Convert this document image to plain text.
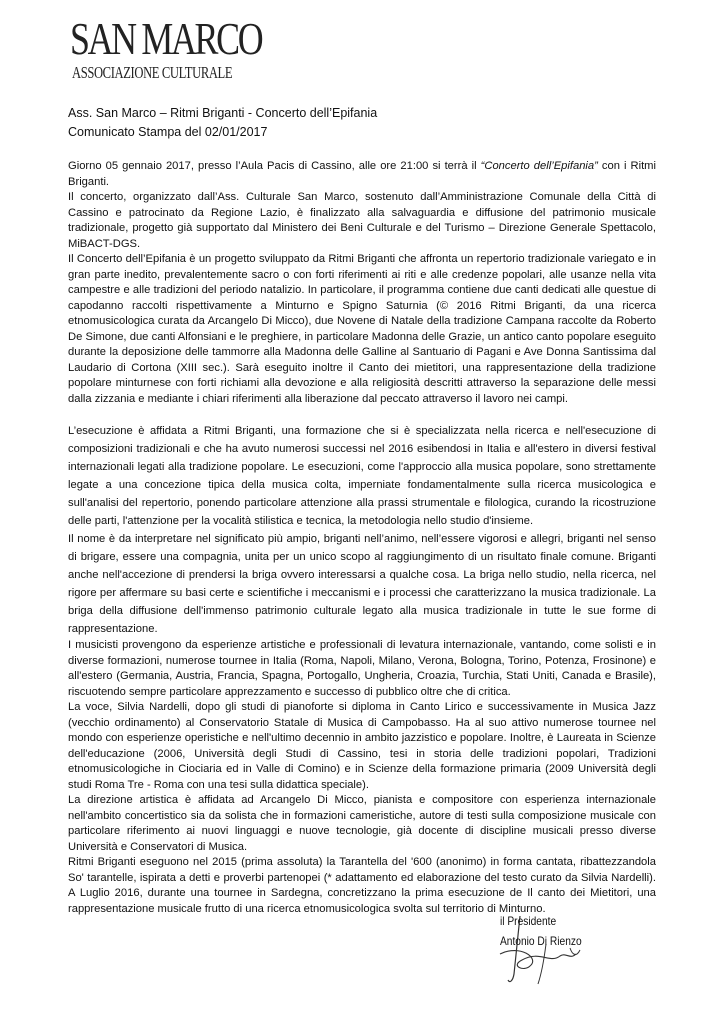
SAN MARCO
ASSOCIAZIONE CULTURALE
Ass. San Marco – Ritmi Briganti - Concerto dell’Epifania
Comunicato Stampa del 02/01/2017

Giorno 05 gennaio 2017, presso l’Aula Pacis di Cassino, alle ore 21:00 si terrà il “Concerto dell’Epifania” con i Ritmi Briganti.

Il concerto, organizzato dall’Ass. Culturale San Marco, sostenuto dall’Amministrazione Comunale della Città di Cassino e patrocinato da Regione Lazio, è finalizzato alla salvaguardia e diffusione del patrimonio musicale tradizionale, progetto già supportato dal Ministero dei Beni Culturale e del Turismo – Direzione Generale Spettacolo, MiBACT-DGS.

Il Concerto dell’Epifania è un progetto sviluppato da Ritmi Briganti che affronta un repertorio tradizionale variegato e in gran parte inedito, prevalentemente sacro o con forti riferimenti ai riti e alle credenze popolari, alle usanze nella vita campestre e alle tradizioni del periodo natalizio. In particolare, il programma contiene due canti dedicati alle questue di capodanno raccolti rispettivamente a Minturno e Spigno Saturnia (© 2016 Ritmi Briganti, da una ricerca etnomusicologica curata da Arcangelo Di Micco), due Novene di Natale della tradizione Campana raccolte da Roberto De Simone, due canti Alfonsiani e le preghiere, in particolare Madonna delle Grazie, un antico canto popolare eseguito durante la deposizione delle tammorre alla Madonna delle Galline al Santuario di Pagani e Ave Donna Santissima dal Laudario di Cortona (XIII sec.). Sarà eseguito inoltre il Canto dei mietitori, una rappresentazione della tradizione popolare minturnese con forti richiami alla devozione e alla religiosità descritti attraverso la separazione delle messi dalla zizzania e mediante i chiari riferimenti alla liberazione dal peccato attraverso il lavoro nei campi.

L’esecuzione è affidata a Ritmi Briganti, una formazione che si è specializzata nella ricerca e nell'esecuzione di composizioni tradizionali e che ha avuto numerosi successi nel 2016 esibendosi in Italia e all'estero in diversi festival internazionali legati alla tradizione popolare. Le esecuzioni, come l'approccio alla musica popolare, sono strettamente legate a una concezione tipica della musica colta, imperniate fondamentalmente sulla ricerca musicologica e sull'analisi del repertorio, ponendo particolare attenzione alla prassi strumentale e filologica, curando la ricostruzione delle parti, l'attenzione per la vocalità stilistica e tecnica, la metodologia nello studio d'insieme.

Il nome è da interpretare nel significato più ampio, briganti nell’animo, nell’essere vigorosi e allegri, briganti nel senso di brigare, essere una compagnia, unita per un unico scopo al raggiungimento di un risultato finale comune. Briganti anche nell'accezione di prendersi la briga ovvero interessarsi a qualche cosa. La briga nello studio, nella ricerca, nel rigore per affermare su basi certe e scientifiche i meccanismi e i processi che caratterizzano la musica tradizionale. La briga della diffusione dell'immenso patrimonio culturale legato alla musica tradizionale in tutte le sue forme di rappresentazione.

I musicisti provengono da esperienze artistiche e professionali di levatura internazionale, vantando, come solisti e in diverse formazioni, numerose tournee in Italia (Roma, Napoli, Milano, Verona, Bologna, Torino, Potenza, Frosinone) e all'estero (Germania, Austria, Francia, Spagna, Portogallo, Ungheria, Croazia, Turchia, Stati Uniti, Canada e Brasile), riscuotendo sempre particolare apprezzamento e successo di pubblico oltre che di critica.

La voce, Silvia Nardelli, dopo gli studi di pianoforte si diploma in Canto Lirico e successivamente in Musica Jazz (vecchio ordinamento) al Conservatorio Statale di Musica di Campobasso. Ha al suo attivo numerose tournee nel mondo con esperienze operistiche e nell'ultimo decennio in ambito jazzistico e popolare. Inoltre, è Laureata in Scienze dell'educazione (2006, Università degli Studi di Cassino, tesi in storia delle tradizioni popolari, Tradizioni etnomusicologiche in Ciociaria ed in Valle di Comino) e in Scienze della formazione primaria (2009 Università degli studi Roma Tre - Roma con una tesi sulla didattica speciale).

La direzione artistica è affidata ad Arcangelo Di Micco, pianista e compositore con esperienza internazionale nell'ambito concertistico sia da solista che in formazioni cameristiche, autore di testi sulla composizione musicale con particolare riferimento ai nuovi linguaggi e nuove tecnologie, già docente di discipline musicali presso diverse Università e Conservatori di Musica.

Ritmi Briganti eseguono nel 2015 (prima assoluta) la Tarantella del '600 (anonimo) in forma cantata, ribattezzandola So' tarantelle, ispirata a detti e proverbi partenopei (* adattamento ed elaborazione del testo curato da Silvia Nardelli). A Luglio 2016, durante una tournee in Sardegna, concretizzano la prima esecuzione de Il canto dei Mietitori, una rappresentazione musicale frutto di una ricerca etnomusicologica svolta sul territorio di Minturno.

il Presidente
Antonio Di Rienzo
